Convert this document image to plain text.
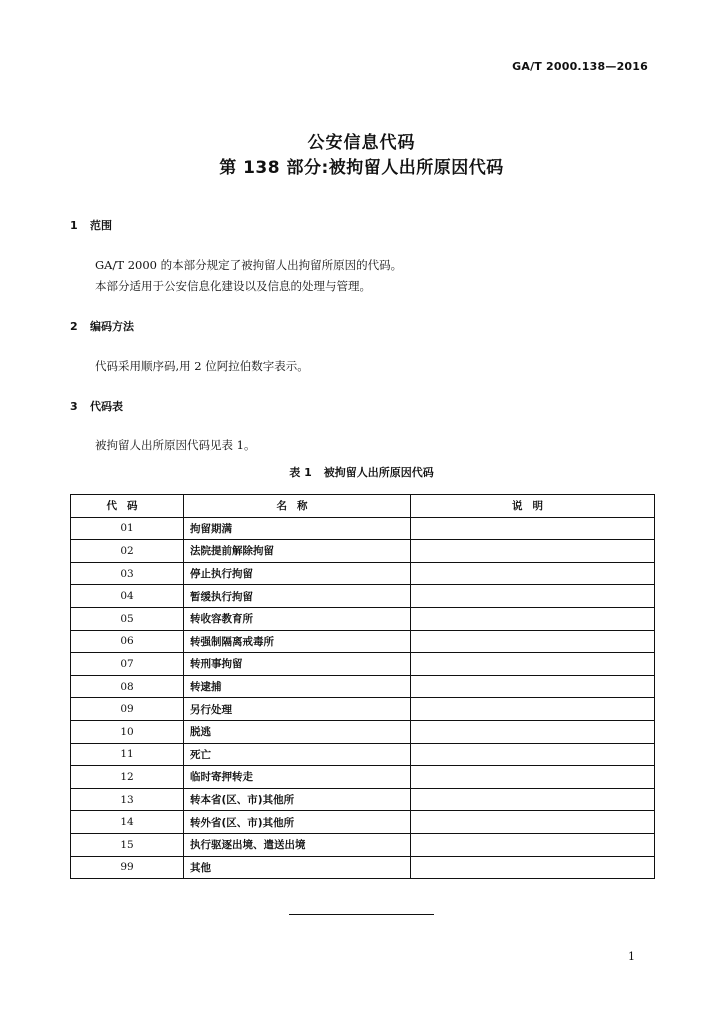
GA/T 2000.138—2016
公安信息代码
第 138 部分:被拘留人出所原因代码
1 范围
GA/T 2000 的本部分规定了被拘留人出拘留所原因的代码。
本部分适用于公安信息化建设以及信息的处理与管理。
2 编码方法
代码采用顺序码,用 2 位阿拉伯数字表示。
3 代码表
被拘留人出所原因代码见表 1。
表 1 被拘留人出所原因代码
代码	名称	说明
01	拘留期满	
02	法院提前解除拘留	
03	停止执行拘留	
04	暂缓执行拘留	
05	转收容教育所	
06	转强制隔离戒毒所	
07	转刑事拘留	
08	转逮捕	
09	另行处理	
10	脱逃	
11	死亡	
12	临时寄押转走	
13	转本省(区、市)其他所	
14	转外省(区、市)其他所	
15	执行驱逐出境、遣送出境	
99	其他	
1
